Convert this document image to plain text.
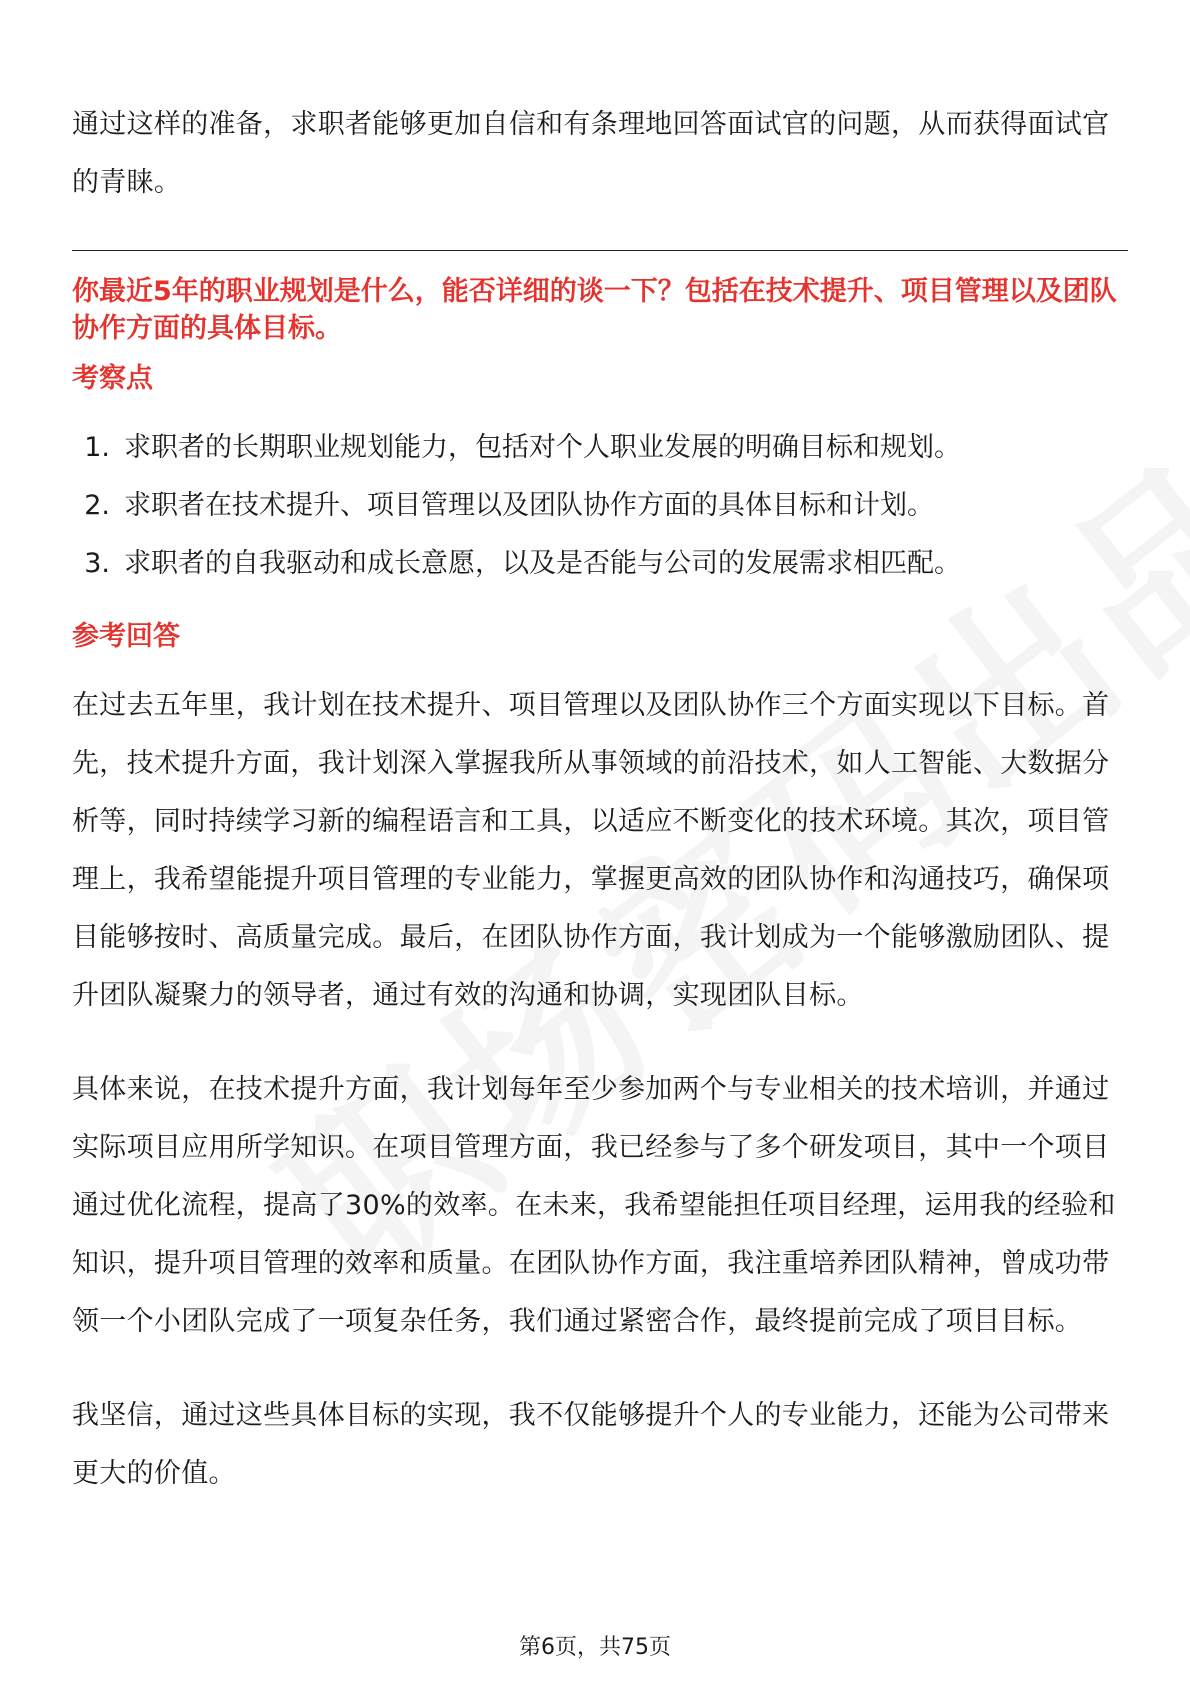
通过这样的准备，求职者能够更加自信和有条理地回答面试官的问题，从而获得面试官的青睐。

你最近5年的职业规划是什么，能否详细的谈一下？包括在技术提升、项目管理以及团队协作方面的具体目标。

考察点
1. 求职者的长期职业规划能力，包括对个人职业发展的明确目标和规划。
2. 求职者在技术提升、项目管理以及团队协作方面的具体目标和计划。
3. 求职者的自我驱动和成长意愿，以及是否能与公司的发展需求相匹配。
参考回答

在过去五年里，我计划在技术提升、项目管理以及团队协作三个方面实现以下目标。首先，技术提升方面，我计划深入掌握我所从事领域的前沿技术，如人工智能、大数据分析等，同时持续学习新的编程语言和工具，以适应不断变化的技术环境。其次，项目管理上，我希望能提升项目管理的专业能力，掌握更高效的团队协作和沟通技巧，确保项目能够按时、高质量完成。最后，在团队协作方面，我计划成为一个能够激励团队、提升团队凝聚力的领导者，通过有效的沟通和协调，实现团队目标。

具体来说，在技术提升方面，我计划每年至少参加两个与专业相关的技术培训，并通过实际项目应用所学知识。在项目管理方面，我已经参与了多个研发项目，其中一个项目通过优化流程，提高了30%的效率。在未来，我希望能担任项目经理，运用我的经验和知识，提升项目管理的效率和质量。在团队协作方面，我注重培养团队精神，曾成功带领一个小团队完成了一项复杂任务，我们通过紧密合作，最终提前完成了项目目标。

我坚信，通过这些具体目标的实现，我不仅能够提升个人的专业能力，还能为公司带来更大的价值。

第6页，共75页
